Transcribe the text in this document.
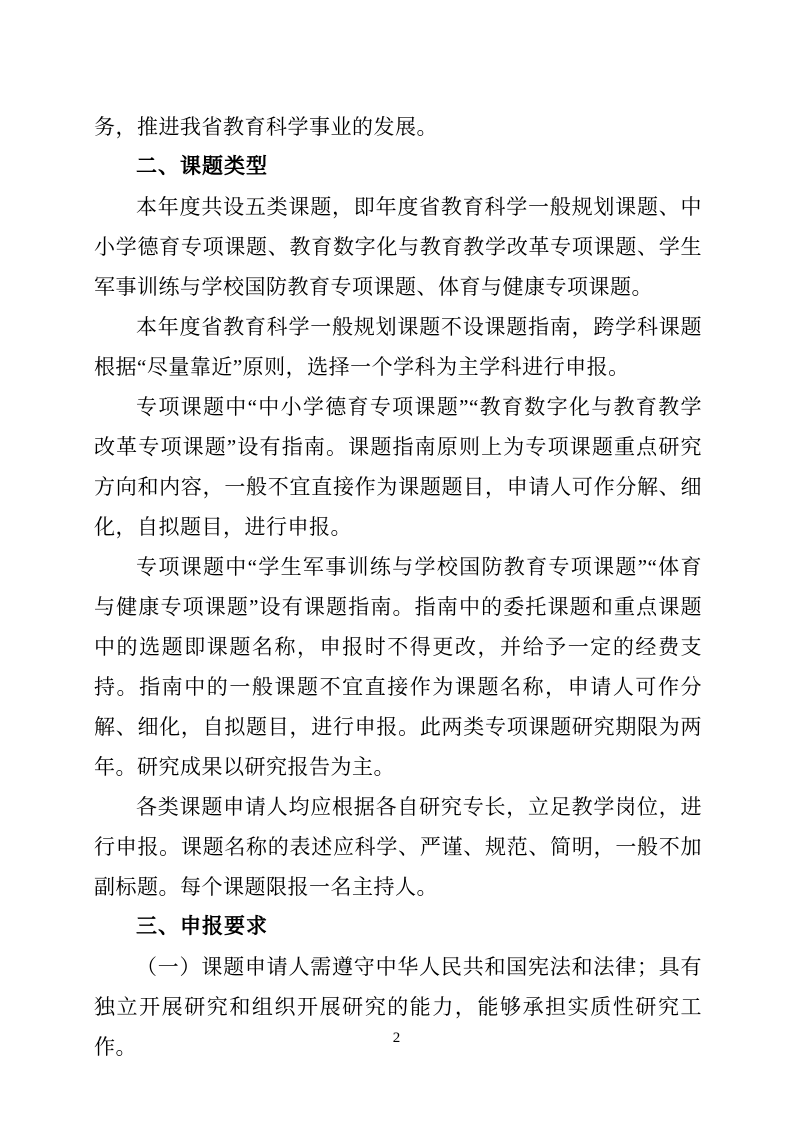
务，推进我省教育科学事业的发展。

二、课题类型

本年度共设五类课题，即年度省教育科学一般规划课题、中小学德育专项课题、教育数字化与教育教学改革专项课题、学生军事训练与学校国防教育专项课题、体育与健康专项课题。

本年度省教育科学一般规划课题不设课题指南，跨学科课题根据“尽量靠近”原则，选择一个学科为主学科进行申报。

专项课题中“中小学德育专项课题”“教育数字化与教育教学改革专项课题”设有指南。课题指南原则上为专项课题重点研究方向和内容，一般不宜直接作为课题题目，申请人可作分解、细化，自拟题目，进行申报。

专项课题中“学生军事训练与学校国防教育专项课题”“体育与健康专项课题”设有课题指南。指南中的委托课题和重点课题中的选题即课题名称，申报时不得更改，并给予一定的经费支持。指南中的一般课题不宜直接作为课题名称，申请人可作分解、细化，自拟题目，进行申报。此两类专项课题研究期限为两年。研究成果以研究报告为主。

各类课题申请人均应根据各自研究专长，立足教学岗位，进行申报。课题名称的表述应科学、严谨、规范、简明，一般不加副标题。每个课题限报一名主持人。

三、申报要求

（一）课题申请人需遵守中华人民共和国宪法和法律；具有独立开展研究和组织开展研究的能力，能够承担实质性研究工作。	2
